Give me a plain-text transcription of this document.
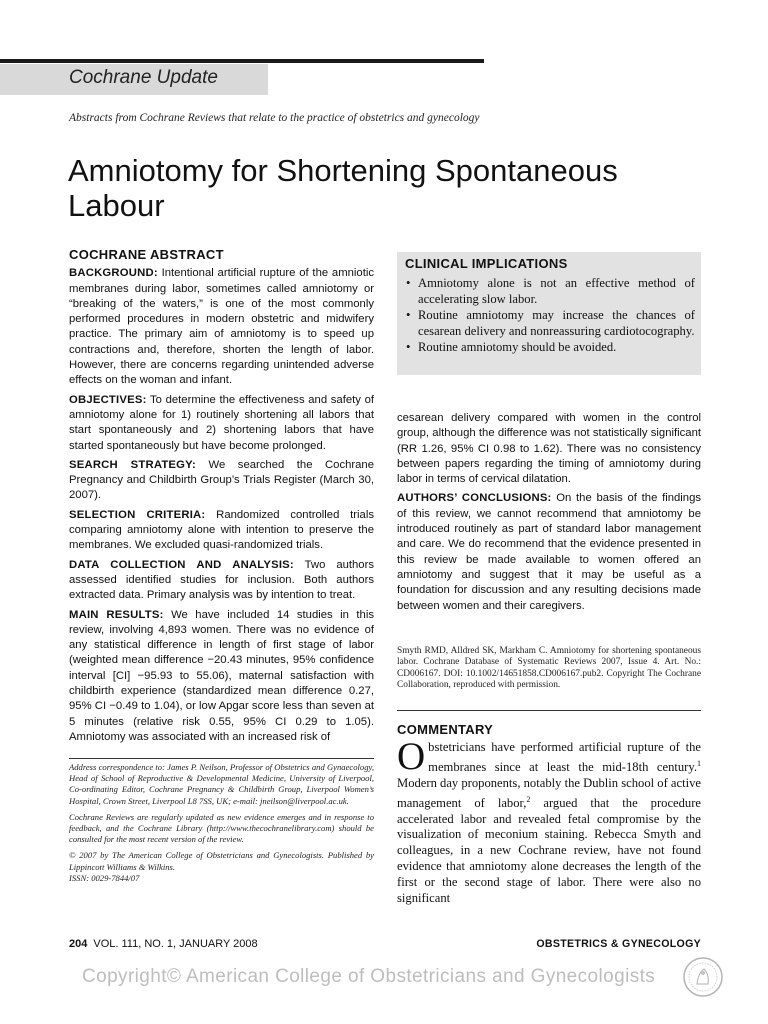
Cochrane Update
Abstracts from Cochrane Reviews that relate to the practice of obstetrics and gynecology
Amniotomy for Shortening Spontaneous Labour
COCHRANE ABSTRACT

BACKGROUND: Intentional artificial rupture of the amniotic membranes during labor, sometimes called amniotomy or “breaking of the waters,” is one of the most commonly performed procedures in modern obstetric and midwifery practice. The primary aim of amniotomy is to speed up contractions and, therefore, shorten the length of labor. However, there are concerns regarding unintended adverse effects on the woman and infant.

OBJECTIVES: To determine the effectiveness and safety of amniotomy alone for 1) routinely shortening all labors that start spontaneously and 2) shortening labors that have started spontaneously but have become prolonged.

SEARCH STRATEGY: We searched the Cochrane Pregnancy and Childbirth Group’s Trials Register (March 30, 2007).

SELECTION CRITERIA: Randomized controlled trials comparing amniotomy alone with intention to preserve the membranes. We excluded quasi-randomized trials.

DATA COLLECTION AND ANALYSIS: Two authors assessed identified studies for inclusion. Both authors extracted data. Primary analysis was by intention to treat.

MAIN RESULTS: We have included 14 studies in this review, involving 4,893 women. There was no evidence of any statistical difference in length of first stage of labor (weighted mean difference −20.43 minutes, 95% confidence interval [CI] −95.93 to 55.06), maternal satisfaction with childbirth experience (standardized mean difference 0.27, 95% CI −0.49 to 1.04), or low Apgar score less than seven at 5 minutes (relative risk 0.55, 95% CI 0.29 to 1.05). Amniotomy was associated with an increased risk of

Address correspondence to: James P. Neilson, Professor of Obstetrics and Gynaecology, Head of School of Reproductive & Developmental Medicine, University of Liverpool, Co-ordinating Editor, Cochrane Pregnancy & Childbirth Group, Liverpool Women’s Hospital, Crown Street, Liverpool L8 7SS, UK; e-mail: jneilson@liverpool.ac.uk.

Cochrane Reviews are regularly updated as new evidence emerges and in response to feedback, and the Cochrane Library (http://www.thecochranelibrary.com) should be consulted for the most recent version of the review.

© 2007 by The American College of Obstetricians and Gynecologists. Published by Lippincott Williams & Wilkins.

ISSN: 0029-7844/07

CLINICAL IMPLICATIONS
• Amniotomy alone is not an effective method of accelerating slow labor.
• Routine amniotomy may increase the chances of cesarean delivery and nonreassuring cardiotocography.
• Routine amniotomy should be avoided.

cesarean delivery compared with women in the control group, although the difference was not statistically significant (RR 1.26, 95% CI 0.98 to 1.62). There was no consistency between papers regarding the timing of amniotomy during labor in terms of cervical dilatation.

AUTHORS’ CONCLUSIONS: On the basis of the findings of this review, we cannot recommend that amniotomy be introduced routinely as part of standard labor management and care. We do recommend that the evidence presented in this review be made available to women offered an amniotomy and suggest that it may be useful as a foundation for discussion and any resulting decisions made between women and their caregivers.

Smyth RMD, Alldred SK, Markham C. Amniotomy for shortening spontaneous labor. Cochrane Database of Systematic Reviews 2007, Issue 4. Art. No.: CD006167. DOI: 10.1002/14651858.CD006167.pub2. Copyright The Cochrane Collaboration, reproduced with permission.
COMMENTARY

Obstetricians have performed artificial rupture of the membranes since at least the mid-18th century.$^1$ Modern day proponents, notably the Dublin school of active management of labor,$^2$ argued that the procedure accelerated labor and revealed fetal compromise by the visualization of meconium staining. Rebecca Smyth and colleagues, in a new Cochrane review, have not found evidence that amniotomy alone decreases the length of the first or the second stage of labor. There were also no significant

204 VOL. 111, NO. 1, JANUARY 2008	OBSTETRICS & GYNECOLOGY
Copyright© American College of Obstetricians and Gynecologists
